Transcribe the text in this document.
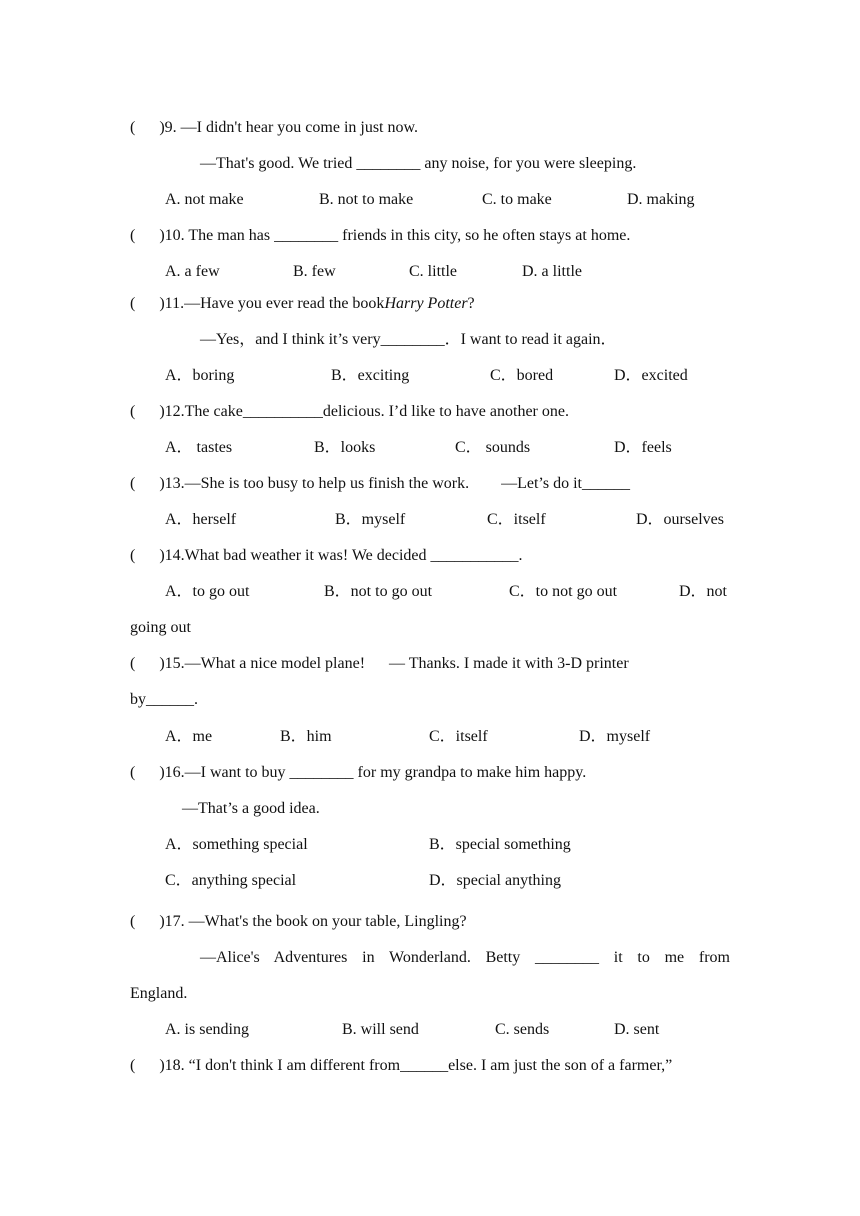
(      )9. —I didn't hear you come in just now.
—That's good. We tried ________ any noise, for you were sleeping.
A. not make	B. not to make	C. to make	D. making
(      )10. The man has ________ friends in this city, so he often stays at home.
A. a few	B. few	C. little	D. a little
(      )11.—Have you ever read the bookHarry Potter?
—Yes，and I think it’s very________．I want to read it again．
A．boring	B．exciting	C．bored	D．excited
(      )12.The cake__________delicious. I’d like to have another one.
A． tastes	B．looks	C． sounds	D．feels
(      )13.—She is too busy to help us finish the work.        —Let’s do it______
A．herself	B．myself	C．itself	D．ourselves
(      )14.What bad weather it was! We decided ___________.
A．to go out	B．not to go out	C．to not go out	D．not
going out
(      )15.—What a nice model plane!      — Thanks. I made it with 3-D printer
by______.
A．me	B．him	C．itself	D．myself
(      )16.—I want to buy ________ for my grandpa to make him happy.
—That’s a good idea.
A．something special	B．special something
C．anything special	D．special anything
(      )17. —What's the book on your table, Lingling?
—Alice's Adventures in Wonderland. Betty ________ it to me from
England.
A. is sending	B. will send	C. sends	D. sent
(      )18. “I don't think I am different from______else. I am just the son of a farmer,”
